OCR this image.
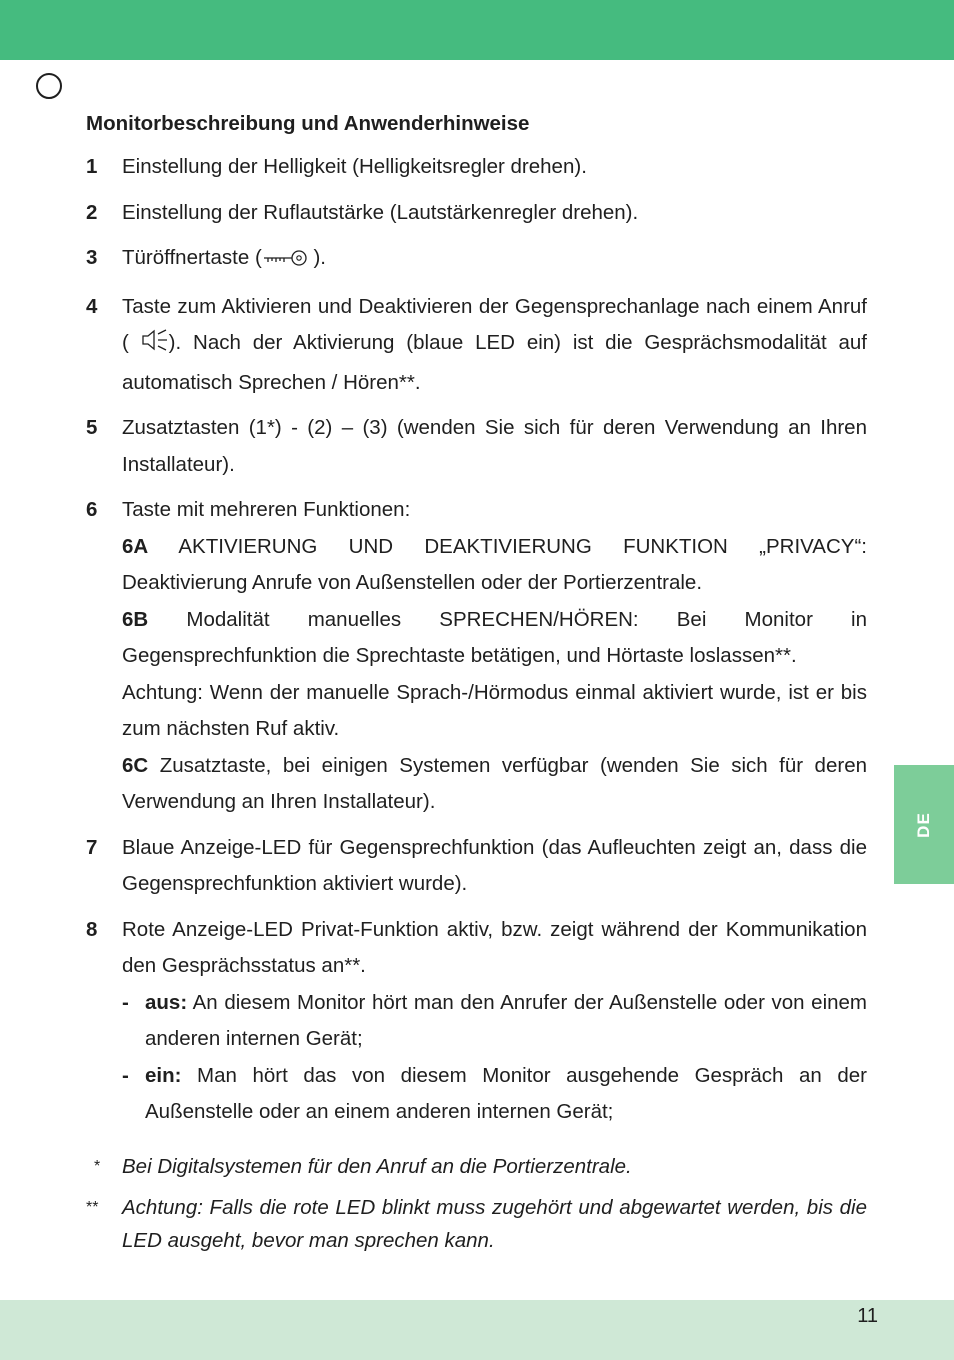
DE
Monitorbeschreibung und Anwenderhinweise
1 Einstellung der Helligkeit (Helligkeitsregler drehen).

2 Einstellung der Ruflautstärke (Lautstärkenregler drehen).

3 Türöffnertaste ( ).

4 Taste zum Aktivieren und Deaktivieren der Gegensprechanlage nach einem Anruf ( ). Nach der Aktivierung (blaue LED ein) ist die Gesprächsmodalität auf automatisch Sprechen / Hören**.

5 Zusatztasten (1*) - (2) – (3) (wenden Sie sich für deren Verwendung an Ihren Installateur).

6 Taste mit mehreren Funktionen:

6A AKTIVIERUNG UND DEAKTIVIERUNG FUNKTION „PRIVACY“: Deaktivierung Anrufe von Außenstellen oder der Portierzentrale.

6B Modalität manuelles SPRECHEN/HÖREN: Bei Monitor in Gegensprechfunktion die Sprechtaste betätigen, und Hörtaste loslassen**.

Achtung: Wenn der manuelle Sprach-/Hörmodus einmal aktiviert wurde, ist er bis zum nächsten Ruf aktiv.

6C Zusatztaste, bei einigen Systemen verfügbar (wenden Sie sich für deren Verwendung an Ihren Installateur).

7 Blaue Anzeige-LED für Gegensprechfunktion (das Aufleuchten zeigt an, dass die Gegensprechfunktion aktiviert wurde).

8 Rote Anzeige-LED Privat-Funktion aktiv, bzw. zeigt während der Kommunikation den Gesprächsstatus an**.

- aus: An diesem Monitor hört man den Anrufer der Außenstelle oder von einem anderen internen Gerät;
- ein: Man hört das von diesem Monitor ausgehende Gespräch an der Außenstelle oder an einem anderen internen Gerät;
* Bei Digitalsystemen für den Anruf an die Portierzentrale.
** Achtung: Falls die rote LED blinkt muss zugehört und abgewartet werden, bis die LED ausgeht, bevor man sprechen kann.
11
